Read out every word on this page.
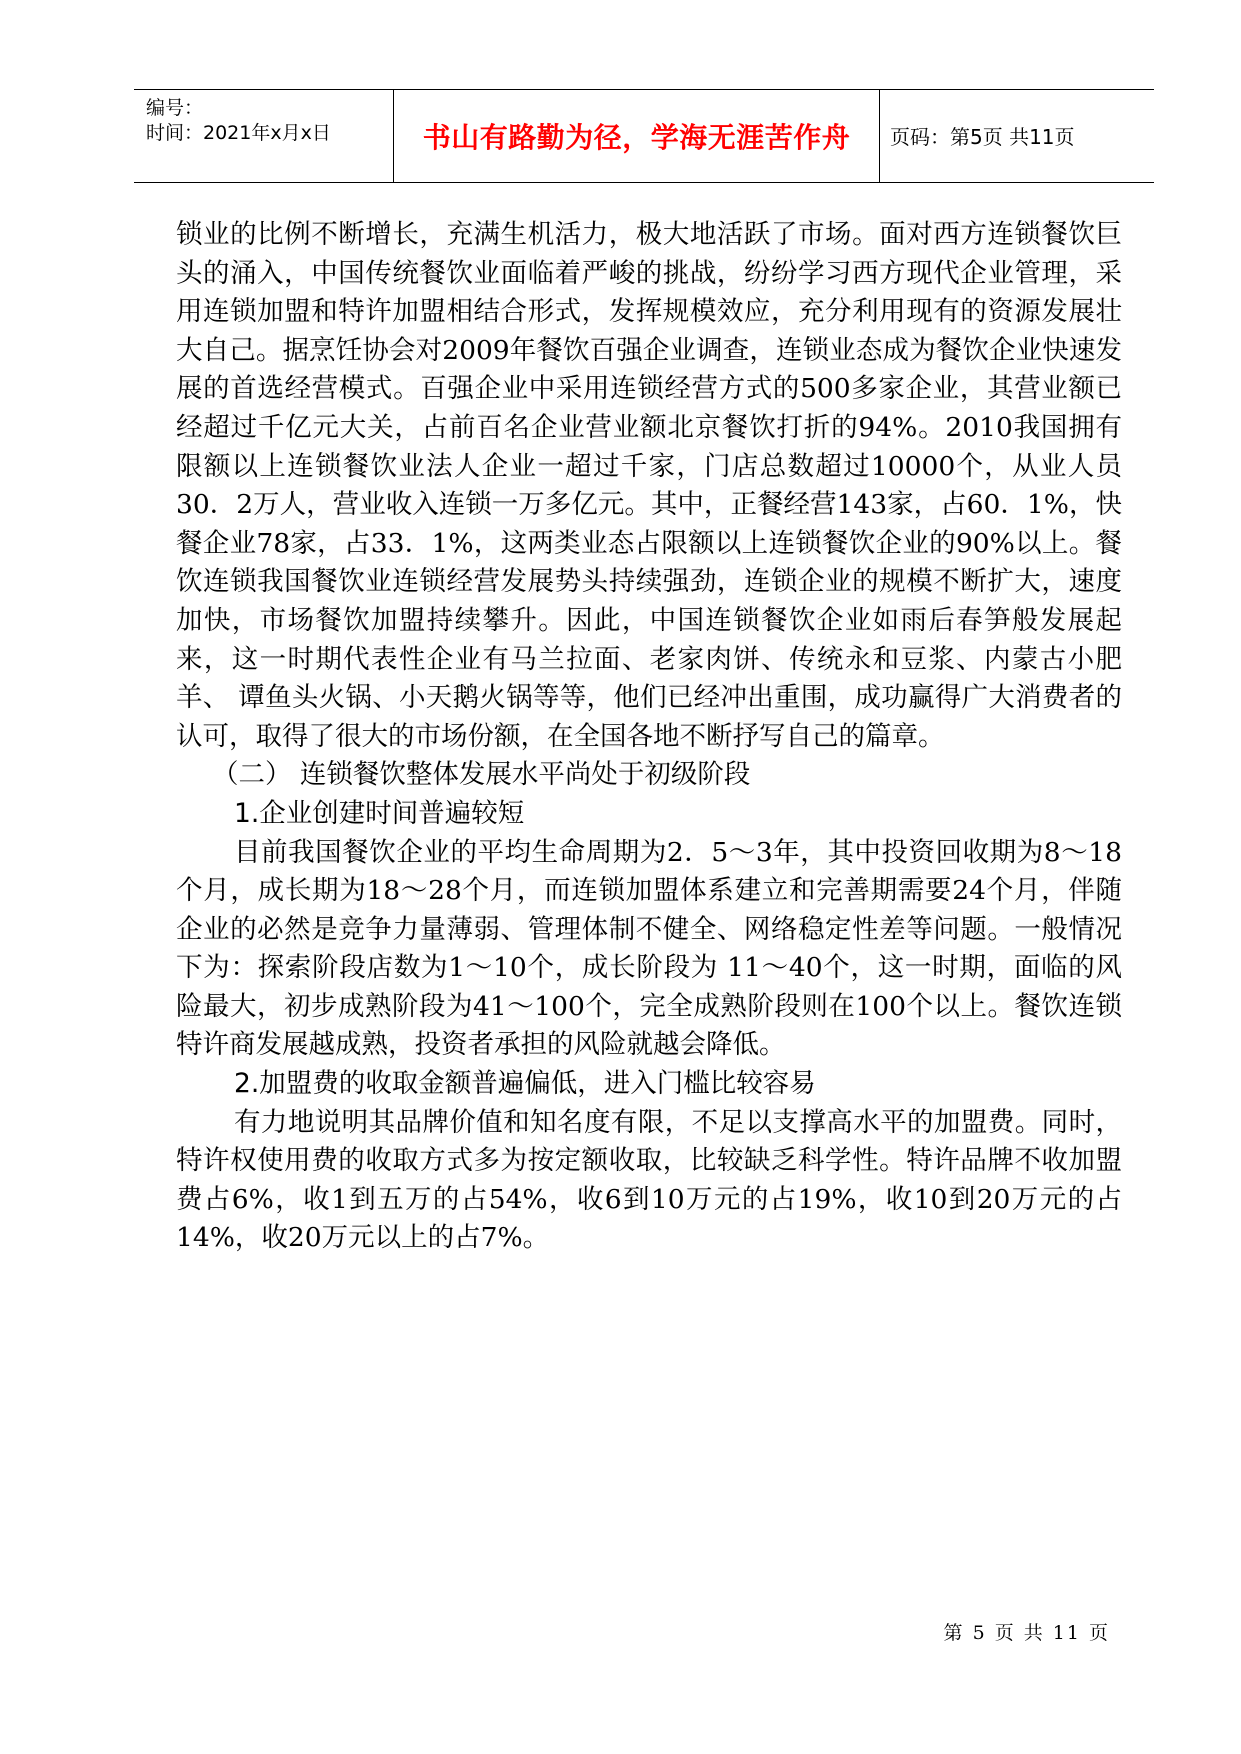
编号：
时间：2021年x月x日	书山有路勤为径，学海无涯苦作舟	页码：第5页 共11页

锁业的比例不断增长，充满生机活力，极大地活跃了市场。面对西方连锁餐饮巨头的涌入，中国传统餐饮业面临着严峻的挑战，纷纷学习西方现代企业管理，采用连锁加盟和特许加盟相结合形式，发挥规模效应，充分利用现有的资源发展壮大自己。据烹饪协会对2009年餐饮百强企业调查，连锁业态成为餐饮企业快速发展的首选经营模式。百强企业中采用连锁经营方式的500多家企业，其营业额已经超过千亿元大关，占前百名企业营业额北京餐饮打折的94%。2010我国拥有限额以上连锁餐饮业法人企业一超过千家，门店总数超过10000个，从业人员30．2万人，营业收入连锁一万多亿元。其中，正餐经营143家，占60．1%，快餐企业78家，占33．1%，这两类业态占限额以上连锁餐饮企业的90%以上。餐饮连锁我国餐饮业连锁经营发展势头持续强劲，连锁企业的规模不断扩大，速度加快，市场餐饮加盟持续攀升。因此，中国连锁餐饮企业如雨后春笋般发展起来，这一时期代表性企业有马兰拉面、老家肉饼、传统永和豆浆、内蒙古小肥羊、 谭鱼头火锅、小天鹅火锅等等，他们已经冲出重围，成功赢得广大消费者的认可，取得了很大的市场份额，在全国各地不断抒写自己的篇章。

（二） 连锁餐饮整体发展水平尚处于初级阶段

1.企业创建时间普遍较短

目前我国餐饮企业的平均生命周期为2．5～3年，其中投资回收期为8～18个月，成长期为18～28个月，而连锁加盟体系建立和完善期需要24个月，伴随企业的必然是竞争力量薄弱、管理体制不健全、网络稳定性差等问题。一般情况下为：探索阶段店数为1～10个，成长阶段为 11～40个，这一时期，面临的风险最大，初步成熟阶段为41～100个，完全成熟阶段则在100个以上。餐饮连锁特许商发展越成熟，投资者承担的风险就越会降低。

2.加盟费的收取金额普遍偏低，进入门槛比较容易

有力地说明其品牌价值和知名度有限，不足以支撑高水平的加盟费。同时，特许权使用费的收取方式多为按定额收取，比较缺乏科学性。特许品牌不收加盟费占6%，收1到五万的占54%，收6到10万元的占19%，收10到20万元的占14%，收20万元以上的占7%。

第 5 页 共 11 页
